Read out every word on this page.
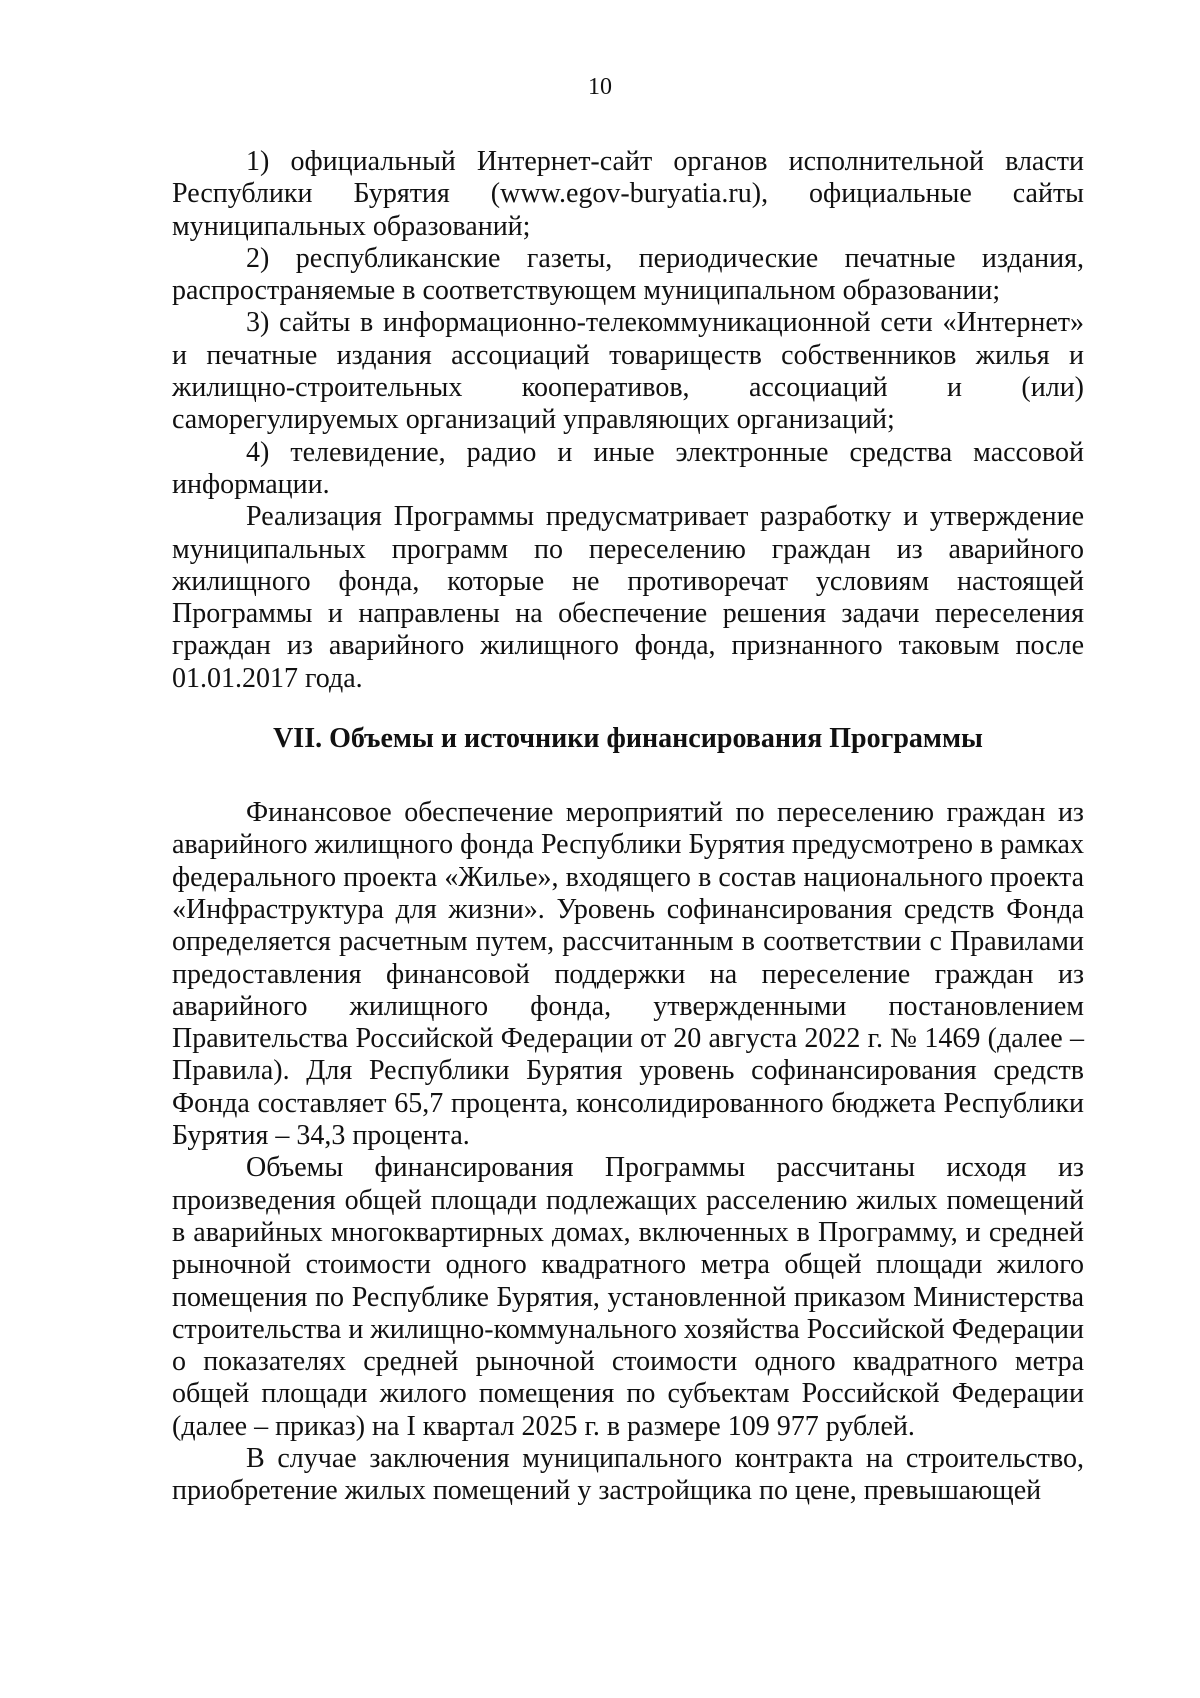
10

1) официальный Интернет-сайт органов исполнительной власти Республики Бурятия (www.egov-buryatia.ru), официальные сайты муниципальных образований;

2) республиканские газеты, периодические печатные издания, распространяемые в соответствующем муниципальном образовании;

3) сайты в информационно-телекоммуникационной сети «Интернет» и печатные издания ассоциаций товариществ собственников жилья и жилищно-строительных кооперативов, ассоциаций и (или) саморегулируемых организаций управляющих организаций;

4) телевидение, радио и иные электронные средства массовой информации.

Реализация Программы предусматривает разработку и утверждение муниципальных программ по переселению граждан из аварийного жилищного фонда, которые не противоречат условиям настоящей Программы и направлены на обеспечение решения задачи переселения граждан из аварийного жилищного фонда, признанного таковым после 01.01.2017 года.

VII. Объемы и источники финансирования Программы

Финансовое обеспечение мероприятий по переселению граждан из аварийного жилищного фонда Республики Бурятия предусмотрено в рамках федерального проекта «Жилье», входящего в состав национального проекта «Инфраструктура для жизни». Уровень софинансирования средств Фонда определяется расчетным путем, рассчитанным в соответствии с Правилами предоставления финансовой поддержки на переселение граждан из аварийного жилищного фонда, утвержденными постановлением Правительства Российской Федерации от 20 августа 2022 г. № 1469 (далее – Правила). Для Республики Бурятия уровень софинансирования средств Фонда составляет 65,7 процента, консолидированного бюджета Республики Бурятия – 34,3 процента.

Объемы финансирования Программы рассчитаны исходя из произведения общей площади подлежащих расселению жилых помещений в аварийных многоквартирных домах, включенных в Программу, и средней рыночной стоимости одного квадратного метра общей площади жилого помещения по Республике Бурятия, установленной приказом Министерства строительства и жилищно-коммунального хозяйства Российской Федерации о показателях средней рыночной стоимости одного квадратного метра общей площади жилого помещения по субъектам Российской Федерации (далее – приказ) на I квартал 2025 г. в размере 109 977 рублей.

В случае заключения муниципального контракта на строительство, приобретение жилых помещений у застройщика по цене, превышающей
